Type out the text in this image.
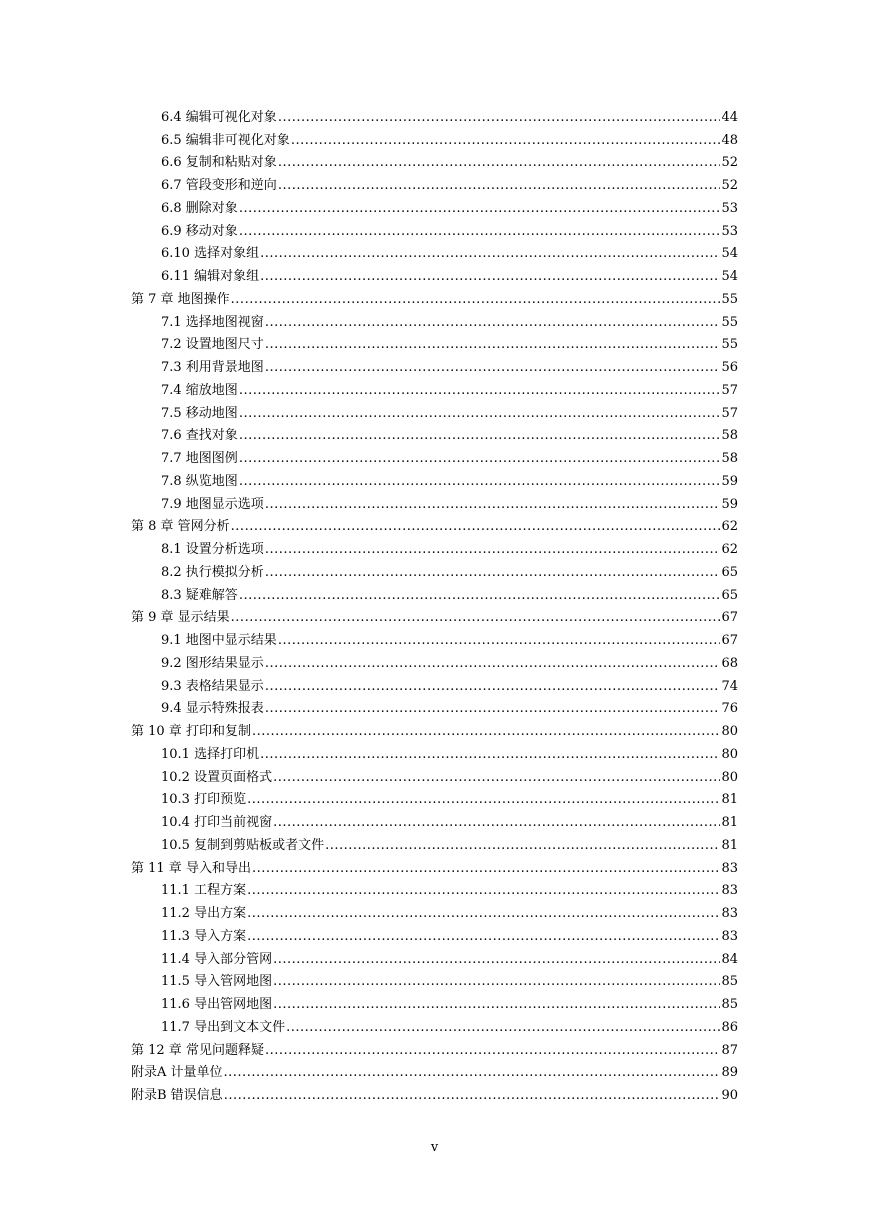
6.4 编辑可视化对象 .....	44
6.5 编辑非可视化对象 .....	48
6.6 复制和粘贴对象 .....	52
6.7 管段变形和逆向 .....	52
6.8 删除对象 .....	53
6.9 移动对象 .....	53
6.10 选择对象组 .....	54
6.11 编辑对象组 .....	54
第 7 章 地图操作 .....	55
7.1 选择地图视窗 .....	55
7.2 设置地图尺寸 .....	55
7.3 利用背景地图 .....	56
7.4 缩放地图 .....	57
7.5 移动地图 .....	57
7.6 查找对象 .....	58
7.7 地图图例 .....	58
7.8 纵览地图 .....	59
7.9 地图显示选项 .....	59
第 8 章 管网分析 .....	62
8.1 设置分析选项 .....	62
8.2 执行模拟分析 .....	65
8.3 疑难解答 .....	65
第 9 章 显示结果 .....	67
9.1 地图中显示结果 .....	67
9.2 图形结果显示 .....	68
9.3 表格结果显示 .....	74
9.4 显示特殊报表 .....	76
第 10 章 打印和复制 .....	80
10.1 选择打印机 .....	80
10.2 设置页面格式 .....	80
10.3 打印预览 .....	81
10.4 打印当前视窗 .....	81
10.5 复制到剪贴板或者文件 .....	81
第 11 章 导入和导出 .....	83
11.1 工程方案 .....	83
11.2 导出方案 .....	83
11.3 导入方案 .....	83
11.4 导入部分管网 .....	84
11.5 导入管网地图 .....	85
11.6 导出管网地图 .....	85
11.7 导出到文本文件 .....	86
第 12 章 常见问题释疑 .....	87
附录A 计量单位 .....	89
附录B 错误信息 .....	90
v
